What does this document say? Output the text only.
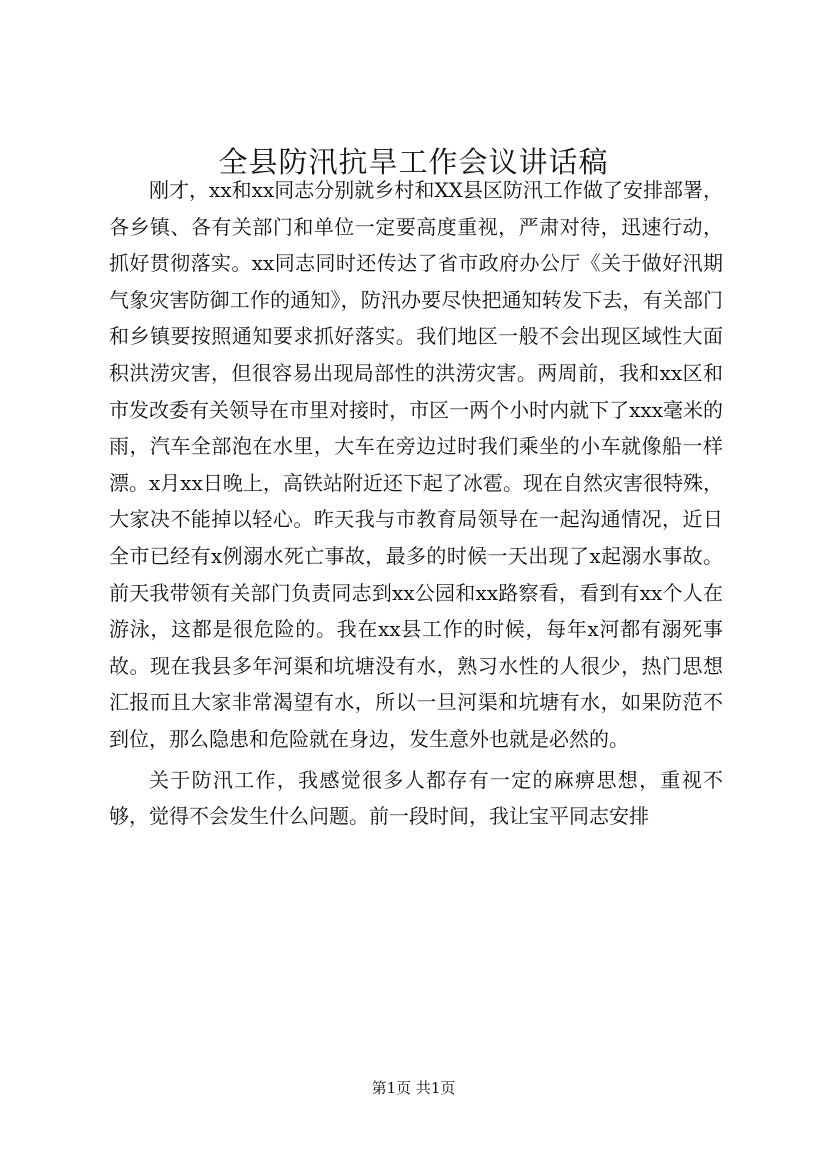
全县防汛抗旱工作会议讲话稿

刚才，xx和xx同志分别就乡村和XX县区防汛工作做了安排部署，各乡镇、各有关部门和单位一定要高度重视，严肃对待，迅速行动，抓好贯彻落实。xx同志同时还传达了省市政府办公厅《关于做好汛期气象灾害防御工作的通知》，防汛办要尽快把通知转发下去，有关部门和乡镇要按照通知要求抓好落实。我们地区一般不会出现区域性大面积洪涝灾害，但很容易出现局部性的洪涝灾害。两周前，我和xx区和市发改委有关领导在市里对接时，市区一两个小时内就下了xxx毫米的雨，汽车全部泡在水里，大车在旁边过时我们乘坐的小车就像船一样漂。x月xx日晚上，高铁站附近还下起了冰雹。现在自然灾害很特殊，大家决不能掉以轻心。昨天我与市教育局领导在一起沟通情况，近日全市已经有x例溺水死亡事故，最多的时候一天出现了x起溺水事故。前天我带领有关部门负责同志到xx公园和xx路察看，看到有xx个人在游泳，这都是很危险的。我在xx县工作的时候，每年x河都有溺死事故。现在我县多年河渠和坑塘没有水，熟习水性的人很少，热门思想汇报而且大家非常渴望有水，所以一旦河渠和坑塘有水，如果防范不到位，那么隐患和危险就在身边，发生意外也就是必然的。

关于防汛工作，我感觉很多人都存有一定的麻痹思想，重视不够，觉得不会发生什么问题。前一段时间，我让宝平同志安排

第1页 共1页
